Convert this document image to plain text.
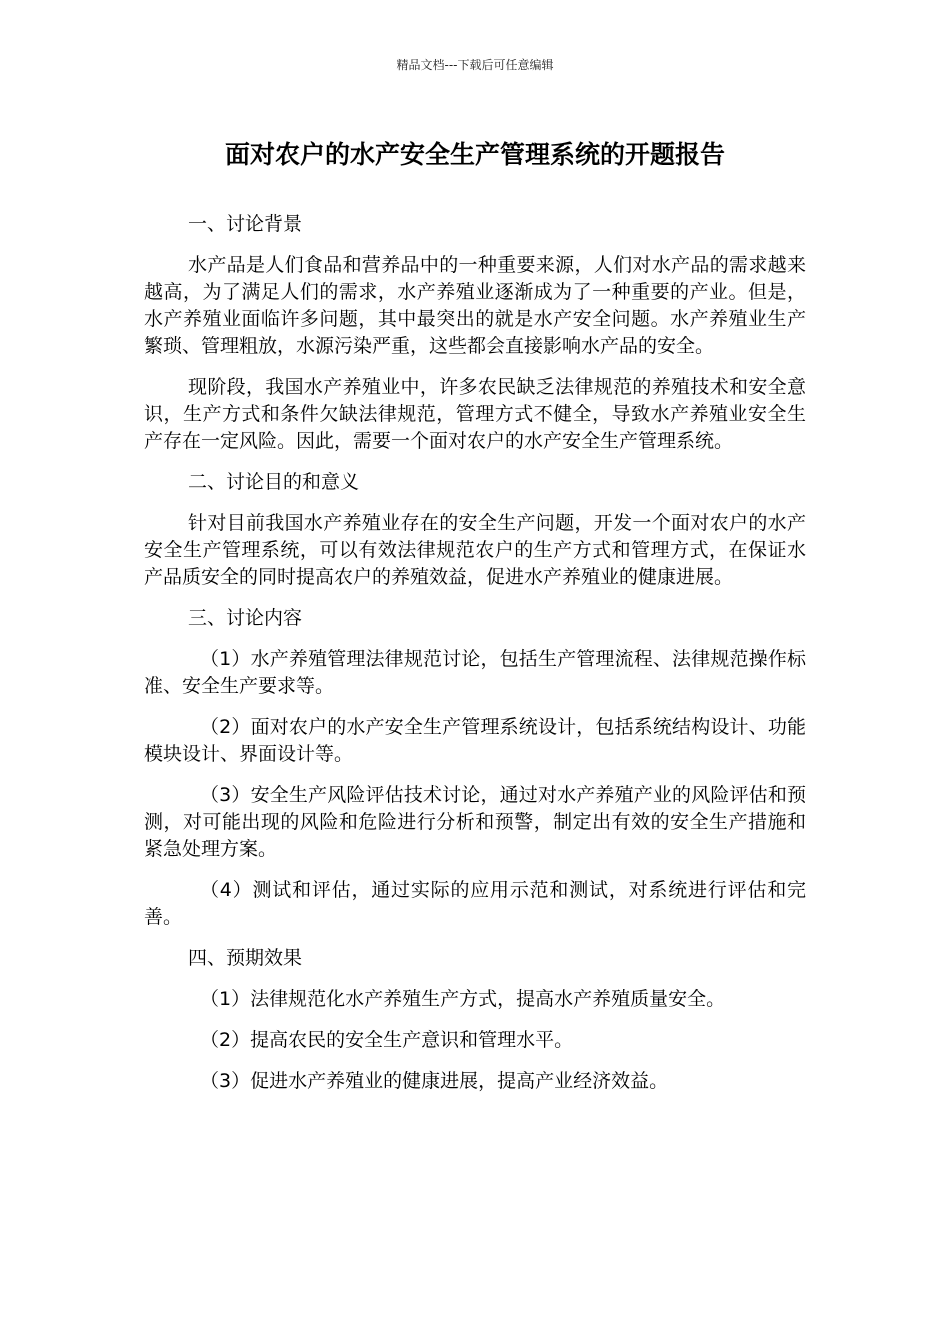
精品文档---下载后可任意编辑
面对农户的水产安全生产管理系统的开题报告

一、讨论背景

水产品是人们食品和营养品中的一种重要来源，人们对水产品的需求越来越高，为了满足人们的需求，水产养殖业逐渐成为了一种重要的产业。但是，水产养殖业面临许多问题，其中最突出的就是水产安全问题。水产养殖业生产繁琐、管理粗放，水源污染严重，这些都会直接影响水产品的安全。

现阶段，我国水产养殖业中，许多农民缺乏法律规范的养殖技术和安全意识，生产方式和条件欠缺法律规范，管理方式不健全，导致水产养殖业安全生产存在一定风险。因此，需要一个面对农户的水产安全生产管理系统。

二、讨论目的和意义

针对目前我国水产养殖业存在的安全生产问题，开发一个面对农户的水产安全生产管理系统，可以有效法律规范农户的生产方式和管理方式，在保证水产品质安全的同时提高农户的养殖效益，促进水产养殖业的健康进展。

三、讨论内容

（1）水产养殖管理法律规范讨论，包括生产管理流程、法律规范操作标准、安全生产要求等。

（2）面对农户的水产安全生产管理系统设计，包括系统结构设计、功能模块设计、界面设计等。

（3）安全生产风险评估技术讨论，通过对水产养殖产业的风险评估和预测，对可能出现的风险和危险进行分析和预警，制定出有效的安全生产措施和紧急处理方案。

（4）测试和评估，通过实际的应用示范和测试，对系统进行评估和完善。

四、预期效果

（1）法律规范化水产养殖生产方式，提高水产养殖质量安全。

（2）提高农民的安全生产意识和管理水平。

（3）促进水产养殖业的健康进展，提高产业经济效益。
